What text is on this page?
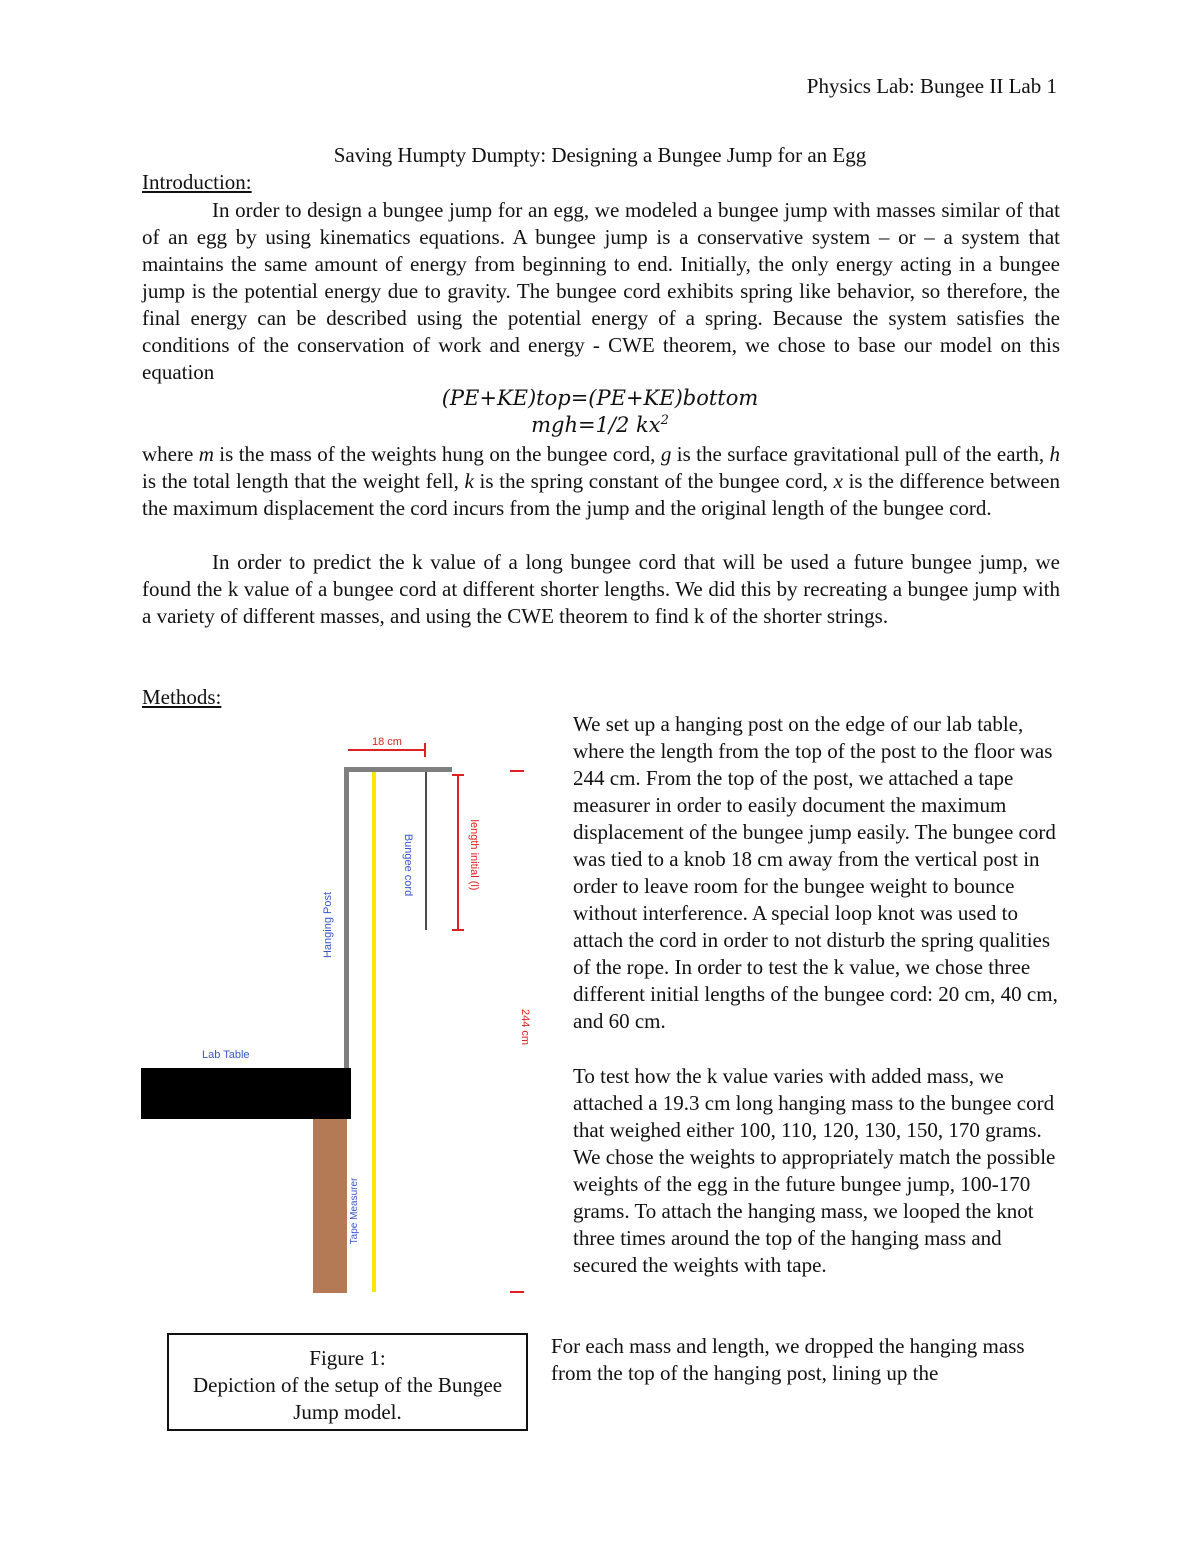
Physics Lab: Bungee II Lab 1
Saving Humpty Dumpty: Designing a Bungee Jump for an Egg
Introduction:
In order to design a bungee jump for an egg, we modeled a bungee jump with masses similar of that of an egg by using kinematics equations. A bungee jump is a conservative system – or – a system that maintains the same amount of energy from beginning to end. Initially, the only energy acting in a bungee jump is the potential energy due to gravity. The bungee cord exhibits spring like behavior, so therefore, the final energy can be described using the potential energy of a spring. Because the system satisfies the conditions of the conservation of work and energy - CWE theorem, we chose to base our model on this equation
(PE+KE)top=(PE+KE)bottom
mgh=1/2 $kx^2$
where m is the mass of the weights hung on the bungee cord, g is the surface gravitational pull of the earth, h is the total length that the weight fell, k is the spring constant of the bungee cord, x is the difference between the maximum displacement the cord incurs from the jump and the original length of the bungee cord.
In order to predict the k value of a long bungee cord that will be used a future bungee jump, we found the k value of a bungee cord at different shorter lengths. We did this by recreating a bungee jump with a variety of different masses, and using the CWE theorem to find k of the shorter strings.
Methods:
18 cm
Bungee cord	length initial (l)
Hanging Post
244 cm
Lab Table
Tape Measurer
We set up a hanging post on the edge of our lab table, where the length from the top of the post to the floor was 244 cm. From the top of the post, we attached a tape measurer in order to easily document the maximum displacement of the bungee jump easily. The bungee cord was tied to a knob 18 cm away from the vertical post in order to leave room for the bungee weight to bounce without interference. A special loop knot was used to attach the cord in order to not disturb the spring qualities of the rope. In order to test the k value, we chose three different initial lengths of the bungee cord: 20 cm, 40 cm, and 60 cm.
To test how the k value varies with added mass, we attached a 19.3 cm long hanging mass to the bungee cord that weighed either 100, 110, 120, 130, 150, 170 grams. We chose the weights to appropriately match the possible weights of the egg in the future bungee jump, 100-170 grams. To attach the hanging mass, we looped the knot three times around the top of the hanging mass and secured the weights with tape.
Figure 1:
Depiction of the setup of the Bungee Jump model.
For each mass and length, we dropped the hanging mass from the top of the hanging post, lining up the
